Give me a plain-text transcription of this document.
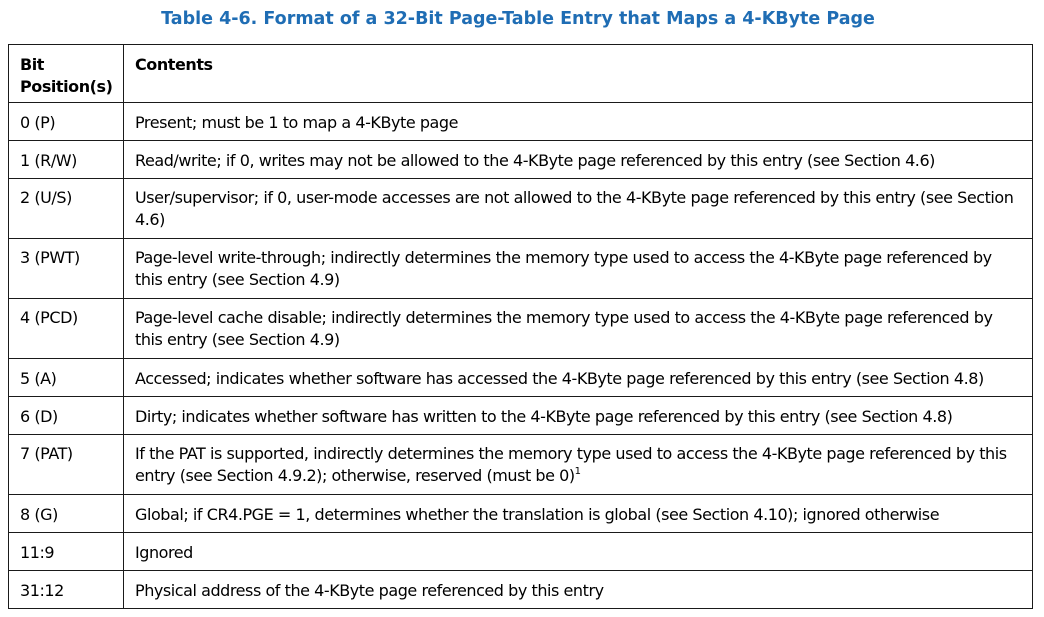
Table 4-6. Format of a 32-Bit Page-Table Entry that Maps a 4-KByte Page
Bit
Position(s)	Contents
0 (P)	Present; must be 1 to map a 4-KByte page
1 (R/W)	Read/write; if 0, writes may not be allowed to the 4-KByte page referenced by this entry (see Section 4.6)
2 (U/S)	User/supervisor; if 0, user-mode accesses are not allowed to the 4-KByte page referenced by this entry (see Section 4.6)
3 (PWT)	Page-level write-through; indirectly determines the memory type used to access the 4-KByte page referenced by this entry (see Section 4.9)
4 (PCD)	Page-level cache disable; indirectly determines the memory type used to access the 4-KByte page referenced by this entry (see Section 4.9)
5 (A)	Accessed; indicates whether software has accessed the 4-KByte page referenced by this entry (see Section 4.8)
6 (D)	Dirty; indicates whether software has written to the 4-KByte page referenced by this entry (see Section 4.8)
7 (PAT)	If the PAT is supported, indirectly determines the memory type used to access the 4-KByte page referenced by this entry (see Section 4.9.2); otherwise, reserved (must be 0)$^1$
8 (G)	Global; if CR4.PGE = 1, determines whether the translation is global (see Section 4.10); ignored otherwise
11:9	Ignored
31:12	Physical address of the 4-KByte page referenced by this entry
